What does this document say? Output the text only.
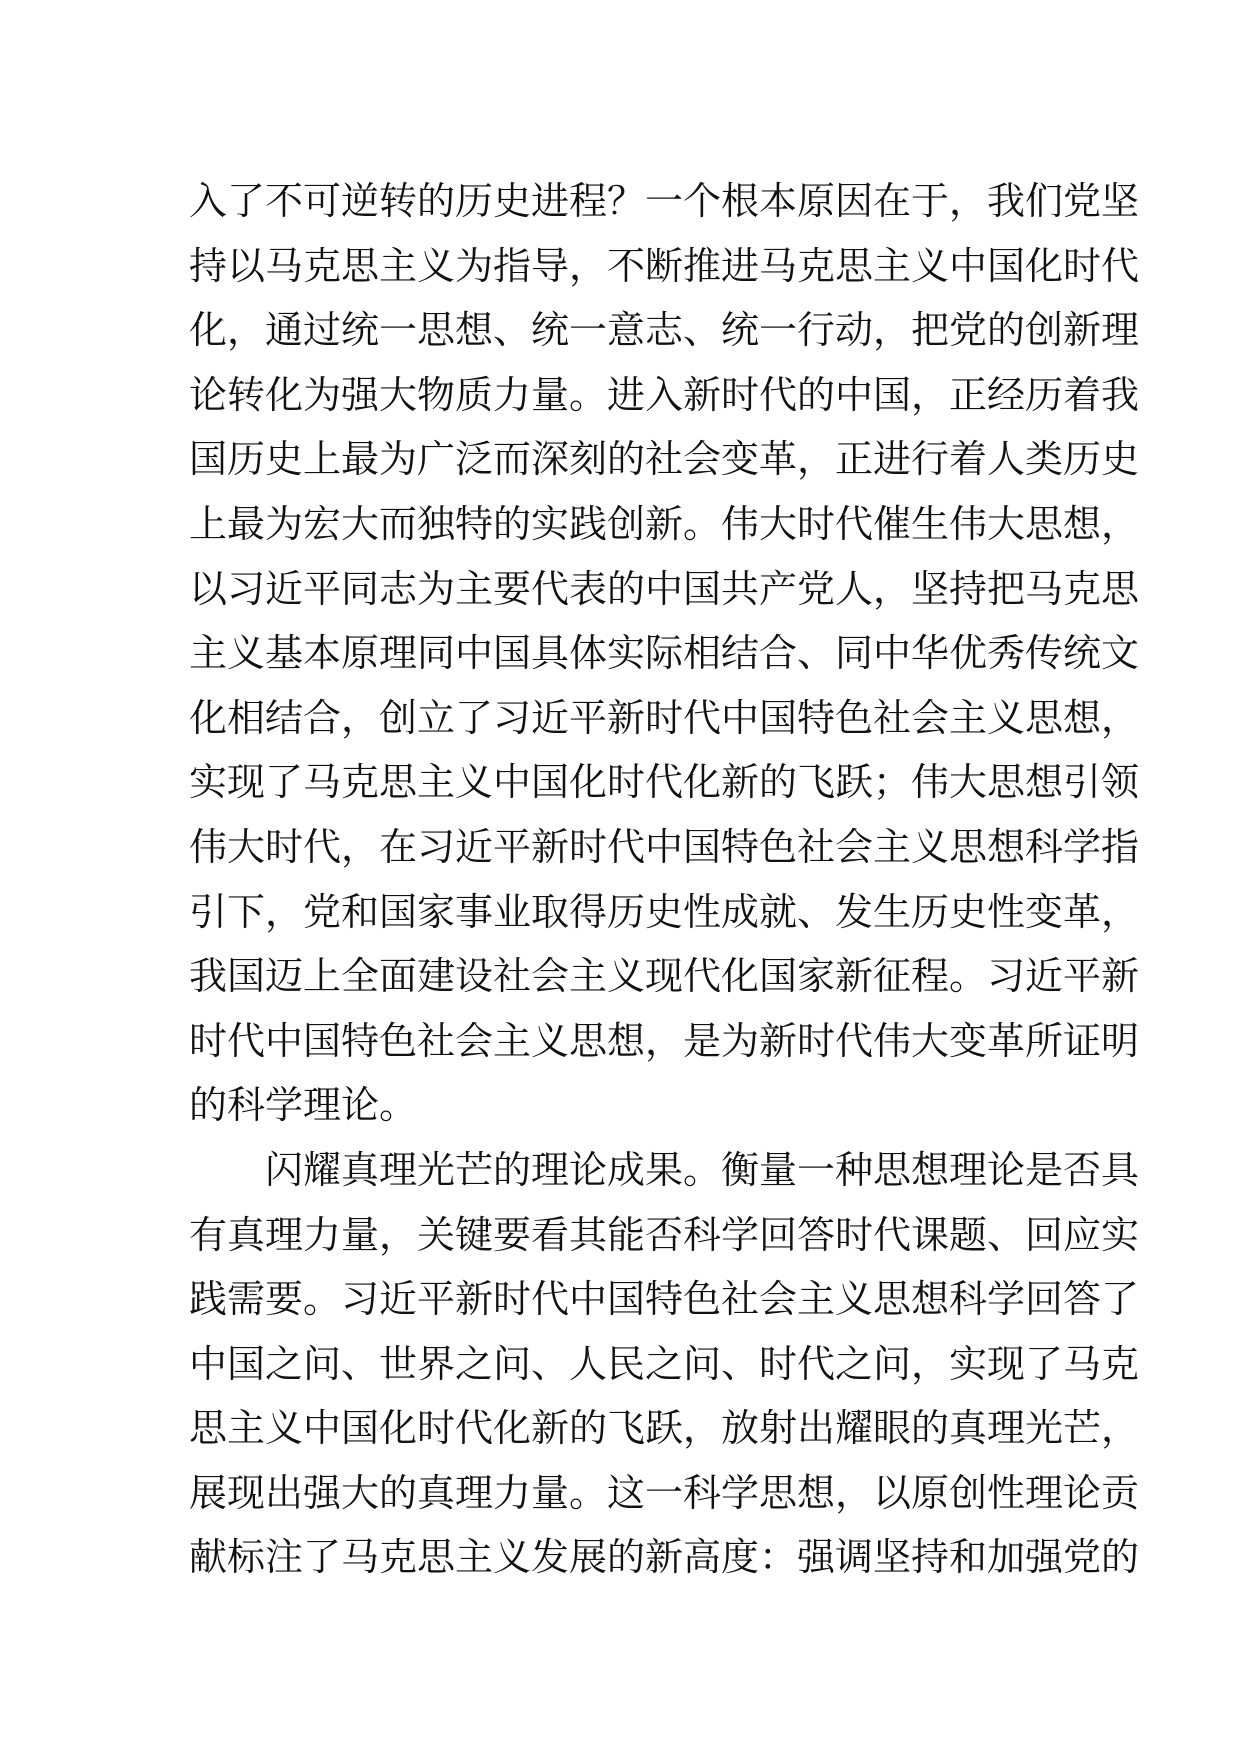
入了不可逆转的历史进程？一个根本原因在于，我们党坚
持以马克思主义为指导，不断推进马克思主义中国化时代
化，通过统一思想、统一意志、统一行动，把党的创新理
论转化为强大物质力量。进入新时代的中国，正经历着我
国历史上最为广泛而深刻的社会变革，正进行着人类历史
上最为宏大而独特的实践创新。伟大时代催生伟大思想，
以习近平同志为主要代表的中国共产党人，坚持把马克思
主义基本原理同中国具体实际相结合、同中华优秀传统文
化相结合，创立了习近平新时代中国特色社会主义思想，
实现了马克思主义中国化时代化新的飞跃；伟大思想引领
伟大时代，在习近平新时代中国特色社会主义思想科学指
引下，党和国家事业取得历史性成就、发生历史性变革，
我国迈上全面建设社会主义现代化国家新征程。习近平新
时代中国特色社会主义思想，是为新时代伟大变革所证明
的科学理论。
闪耀真理光芒的理论成果。衡量一种思想理论是否具
有真理力量，关键要看其能否科学回答时代课题、回应实
践需要。习近平新时代中国特色社会主义思想科学回答了
中国之问、世界之问、人民之问、时代之问，实现了马克
思主义中国化时代化新的飞跃，放射出耀眼的真理光芒，
展现出强大的真理力量。这一科学思想，以原创性理论贡
献标注了马克思主义发展的新高度：强调坚持和加强党的
